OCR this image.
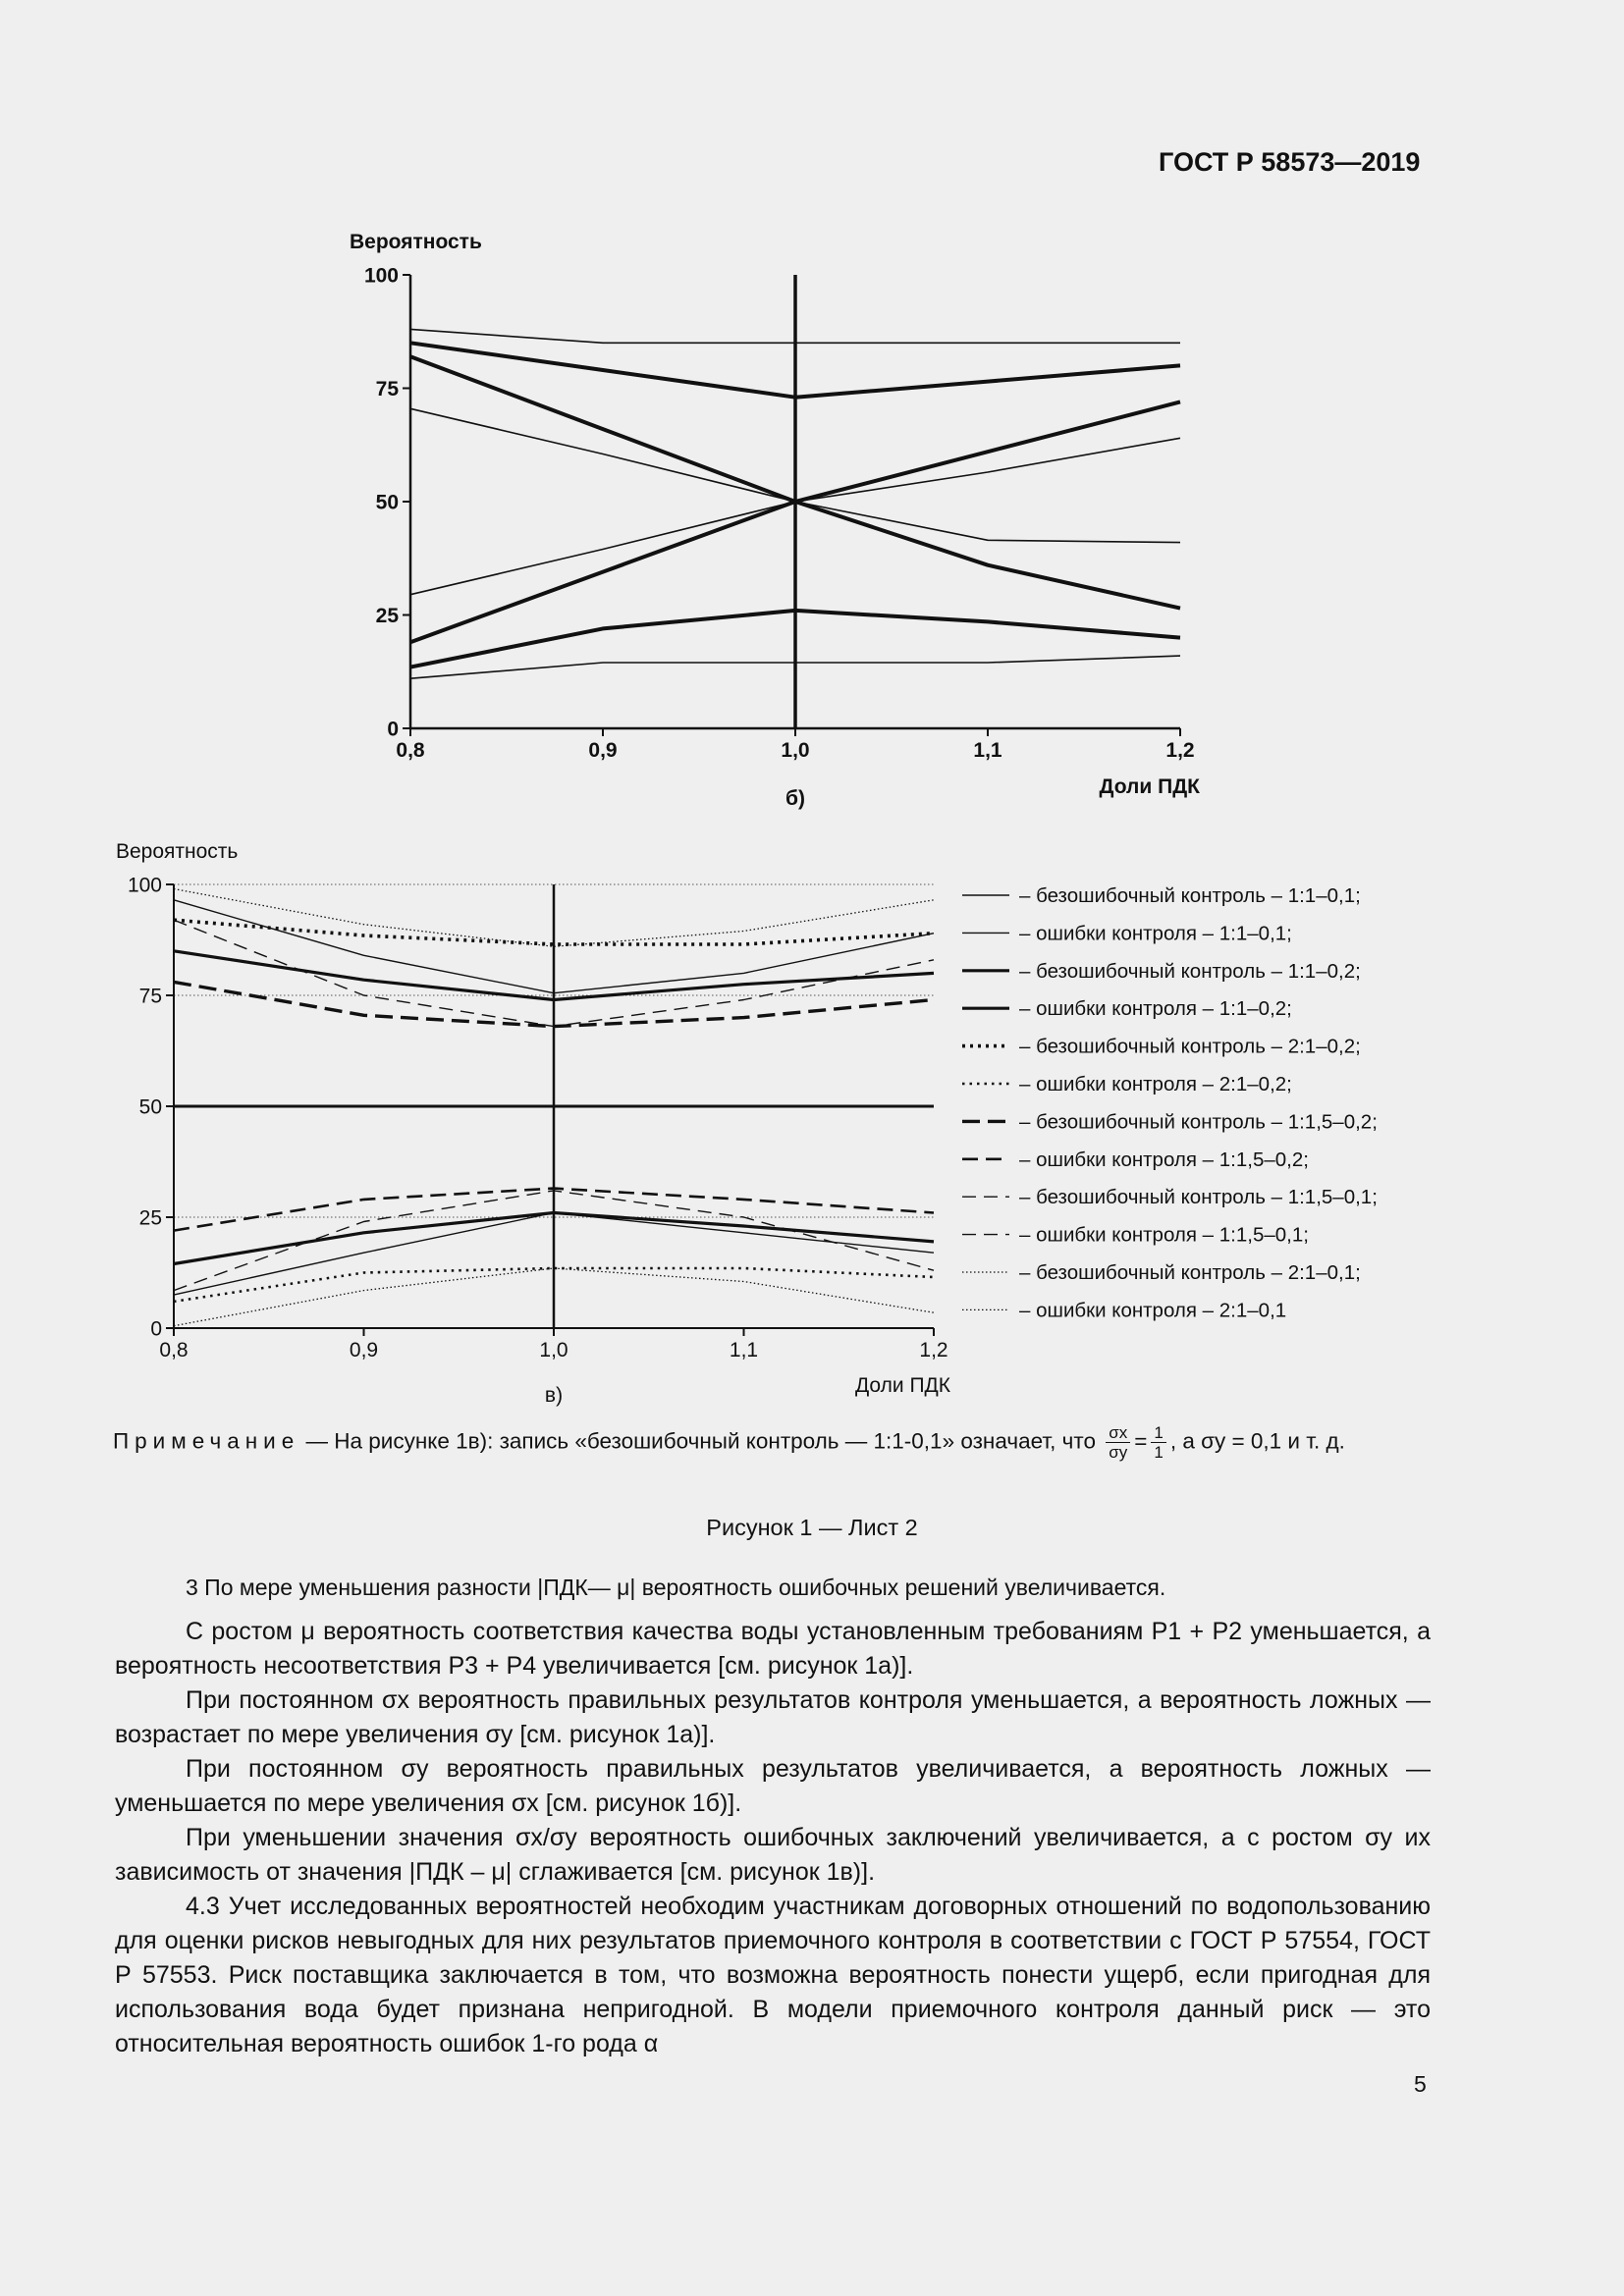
ГОСТ Р 58573—2019
0
25
50
75
100
0,8	0,9	1,0	1,1	1,2
Вероятность
Доли ПДК
б)
0
25
50
75
100
0,8	0,9	1,0	1,1	1,2
Вероятность
Доли ПДК
в)
– безошибочный контроль – 1:1–0,1;
– ошибки контроля – 1:1–0,1;
– безошибочный контроль – 1:1–0,2;
– ошибки контроля – 1:1–0,2;
– безошибочный контроль – 2:1–0,2;
– ошибки контроля – 2:1–0,2;
– безошибочный контроль – 1:1,5–0,2;
– ошибки контроля – 1:1,5–0,2;
– безошибочный контроль – 1:1,5–0,1;
– ошибки контроля – 1:1,5–0,1;
– безошибочный контроль – 2:1–0,1;
– ошибки контроля – 2:1–0,1
Примечание — На рисунке 1в): запись «безошибочный контроль — 1:1-0,1» означает, что $\frac{\sigma x}{\sigma y} = \frac{1}{1}$ , а σy = 0,1 и т. д.
Рисунок 1 — Лист 2

3 По мере уменьшения разности |ПДК— μ| вероятность ошибочных решений увеличивается.

С ростом μ вероятность соответствия качества воды установленным требованиям P1 + P2 уменьшается, а вероятность несоответствия P3 + P4 увеличивается [см. рисунок 1а)].

При постоянном σx вероятность правильных результатов контроля уменьшается, а вероятность ложных — возрастает по мере увеличения σy [см. рисунок 1а)].

При постоянном σy вероятность правильных результатов увеличивается, а вероятность ложных — уменьшается по мере увеличения σx [см. рисунок 1б)].

При уменьшении значения σx/σy вероятность ошибочных заключений увеличивается, а с ростом σy их зависимость от значения |ПДК – μ| сглаживается [см. рисунок 1в)].

4.3 Учет исследованных вероятностей необходим участникам договорных отношений по водопользованию для оценки рисков невыгодных для них результатов приемочного контроля в соответствии с ГОСТ Р 57554, ГОСТ Р 57553. Риск поставщика заключается в том, что возможна вероятность понести ущерб, если пригодная для использования вода будет признана непригодной. В модели приемочного контроля данный риск — это относительная вероятность ошибок 1-го рода α

5
